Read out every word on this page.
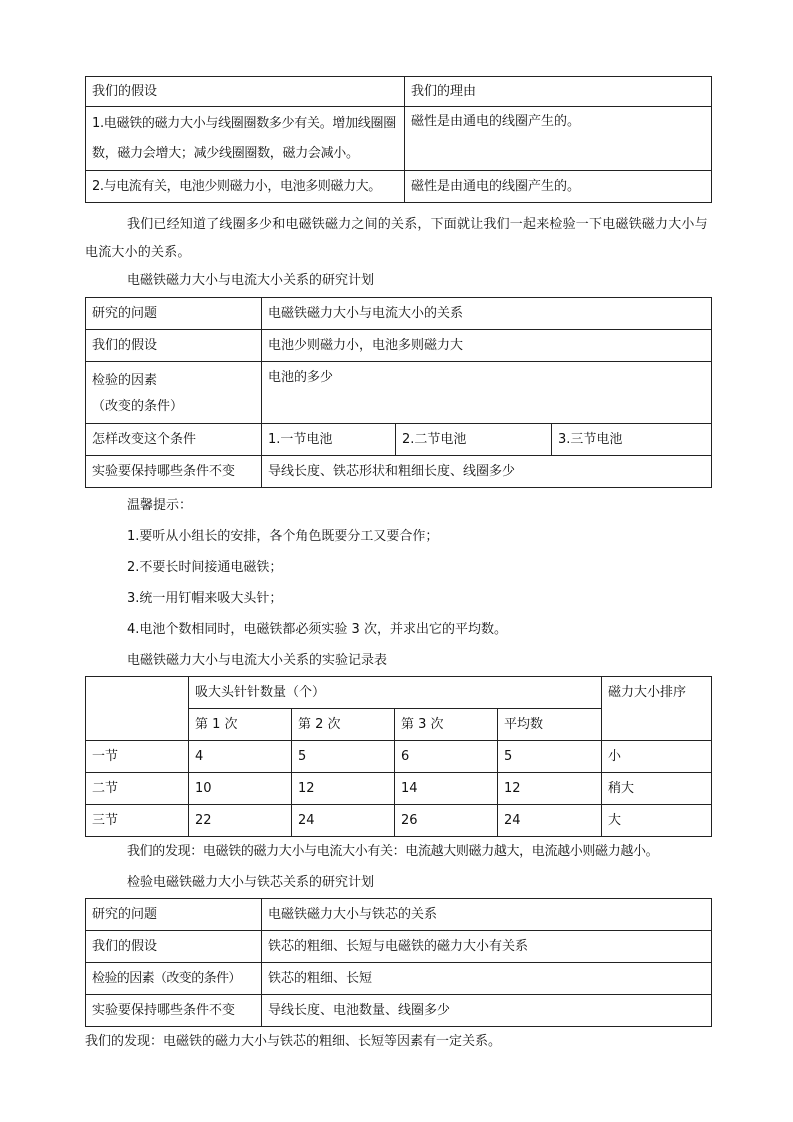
我们的假设	我们的理由
1.电磁铁的磁力大小与线圈圈数多少有关。增加线圈圈数，磁力会增大；减少线圈圈数，磁力会减小。	磁性是由通电的线圈产生的。
2.与电流有关，电池少则磁力小，电池多则磁力大。	磁性是由通电的线圈产生的。

我们已经知道了线圈多少和电磁铁磁力之间的关系，下面就让我们一起来检验一下电磁铁磁力大小与电流大小的关系。

电磁铁磁力大小与电流大小关系的研究计划

研究的问题	电磁铁磁力大小与电流大小的关系		
我们的假设	电池少则磁力小，电池多则磁力大		

检验的因素
（改变的条件）	电池的多少		
怎样改变这个条件	1.一节电池	2.二节电池	3.三节电池
实验要保持哪些条件不变	导线长度、铁芯形状和粗细长度、线圈多少		

温馨提示：

1.要听从小组长的安排，各个角色既要分工又要合作；

2.不要长时间接通电磁铁；

3.统一用钉帽来吸大头针；

4.电池个数相同时，电磁铁都必须实验 3 次，并求出它的平均数。

电磁铁磁力大小与电流大小关系的实验记录表

	吸大头针针数量（个）				磁力大小排序
	第 1 次	第 2 次	第 3 次	平均数	
一节	4	5	6	5	小
二节	10	12	14	12	稍大
三节	22	24	26	24	大

我们的发现：电磁铁的磁力大小与电流大小有关：电流越大则磁力越大，电流越小则磁力越小。

检验电磁铁磁力大小与铁芯关系的研究计划

研究的问题	电磁铁磁力大小与铁芯的关系
我们的假设	铁芯的粗细、长短与电磁铁的磁力大小有关系
检验的因素（改变的条件）	铁芯的粗细、长短
实验要保持哪些条件不变	导线长度、电池数量、线圈多少

我们的发现：电磁铁的磁力大小与铁芯的粗细、长短等因素有一定关系。
